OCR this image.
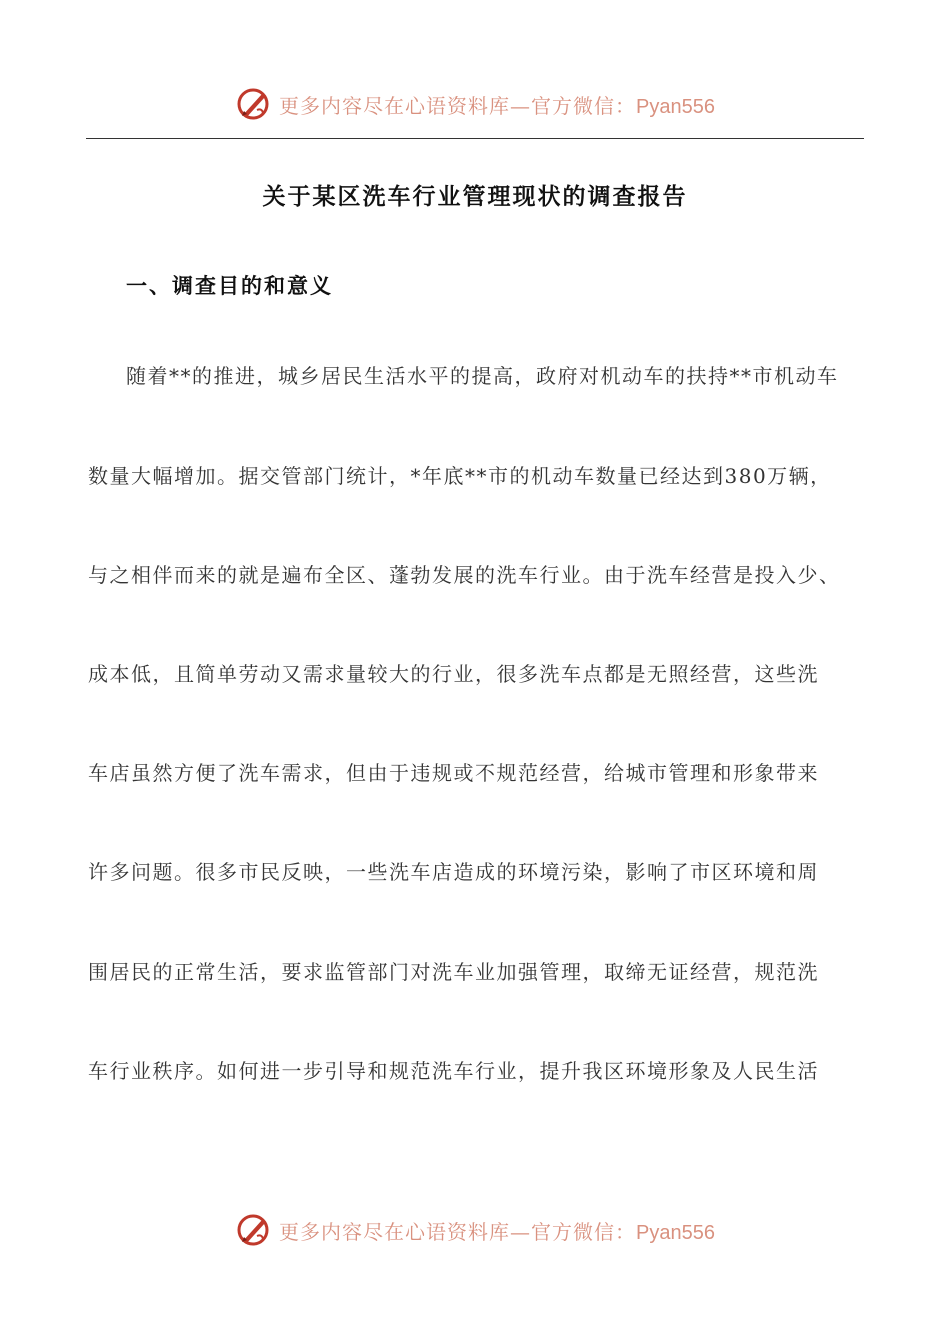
更多内容尽在心语资料库—官方微信：Pyan556
关于某区洗车行业管理现状的调查报告
一、调查目的和意义
随着**的推进，城乡居民生活水平的提高，政府对机动车的扶持**市机动车
数量大幅增加。据交管部门统计，*年底**市的机动车数量已经达到380万辆，
与之相伴而来的就是遍布全区、蓬勃发展的洗车行业。由于洗车经营是投入少、
成本低，且简单劳动又需求量较大的行业，很多洗车点都是无照经营，这些洗
车店虽然方便了洗车需求，但由于违规或不规范经营，给城市管理和形象带来
许多问题。很多市民反映，一些洗车店造成的环境污染，影响了市区环境和周
围居民的正常生活，要求监管部门对洗车业加强管理，取缔无证经营，规范洗
车行业秩序。如何进一步引导和规范洗车行业，提升我区环境形象及人民生活
更多内容尽在心语资料库—官方微信：Pyan556
